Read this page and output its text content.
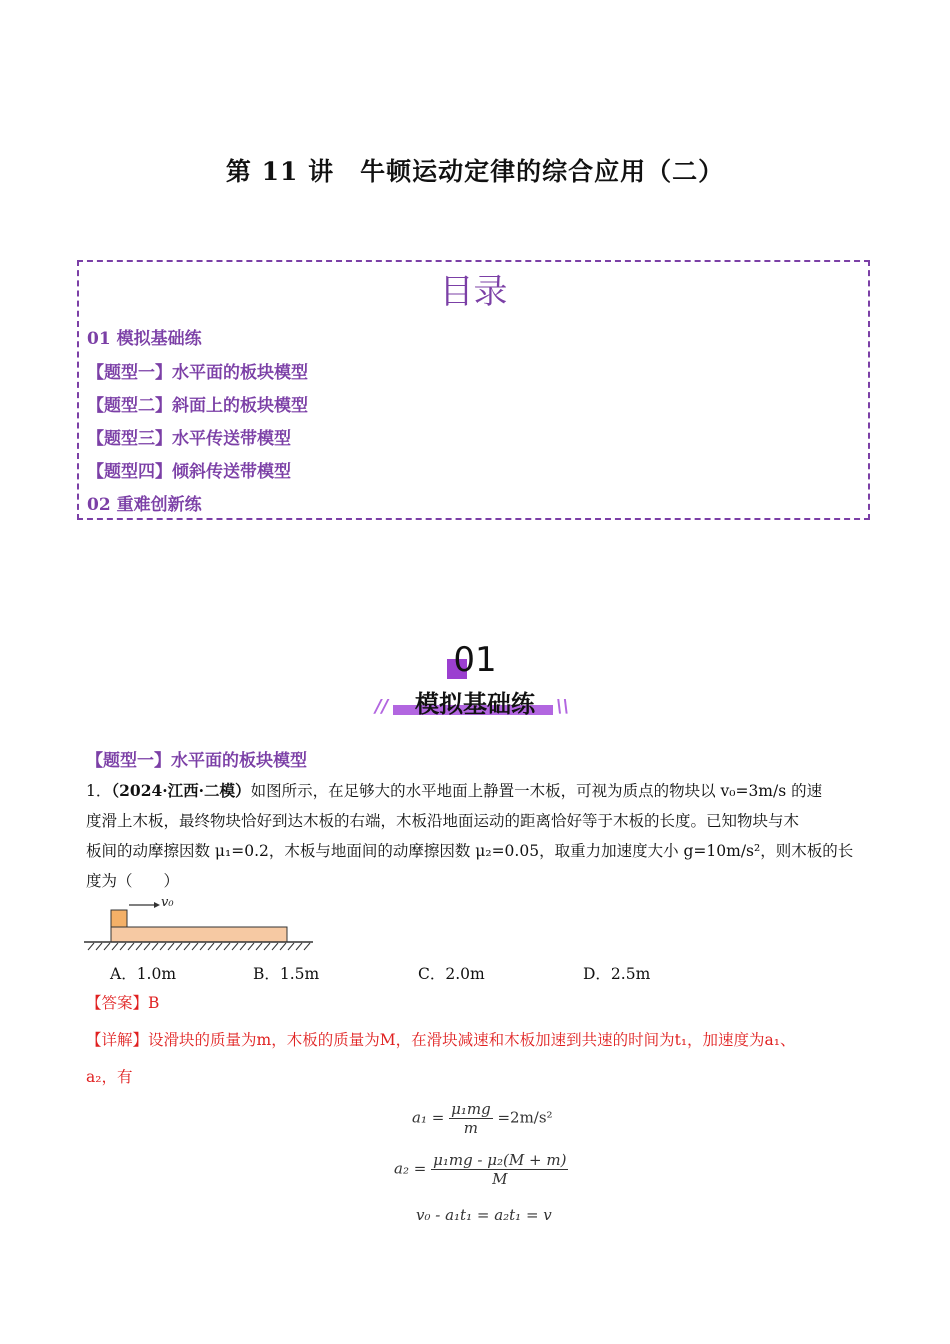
第 11 讲　牛顿运动定律的综合应用（二）
目录
01 模拟基础练
【题型一】水平面的板块模型
【题型二】斜面上的板块模型
【题型三】水平传送带模型
【题型四】倾斜传送带模型
02 重难创新练
01
模拟基础练
//	\\
【题型一】水平面的板块模型
1．（2024·江西·二模）如图所示，在足够大的水平地面上静置一木板，可视为质点的物块以 v₀=3m/s 的速
度滑上木板，最终物块恰好到达木板的右端，木板沿地面运动的距离恰好等于木板的长度。已知物块与木
板间的动摩擦因数 μ₁=0.2，木板与地面间的动摩擦因数 μ₂=0.05，取重力加速度大小 g=10m/s²，则木板的长
度为（　　）
v₀
A．1.0m	B．1.5m	C．2.0m	D．2.5m
【答案】B
【详解】设滑块的质量为m，木板的质量为M，在滑块减速和木板加速到共速的时间为t₁，加速度为a₁、
a₂，有
$a_1 = \frac{\text{μ₁mg}}{m} =2m/s^2$
$a_2 = \frac{\text{μ₁mg - μ₂(M + m)}}{M}$
v₀ - a₁t₁ = a₂t₁ = v
